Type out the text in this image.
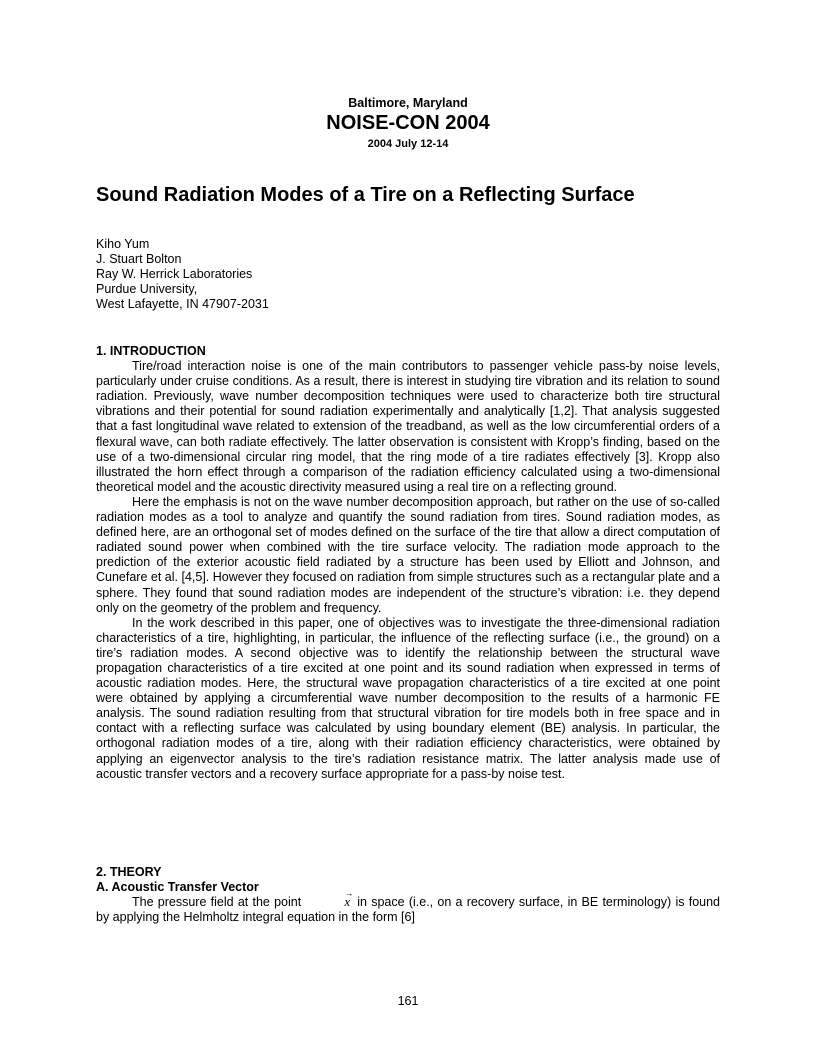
Baltimore, Maryland
NOISE-CON 2004
2004 July 12-14
Sound Radiation Modes of a Tire on a Reflecting Surface
Kiho Yum
J. Stuart Bolton
Ray W. Herrick Laboratories
Purdue University,
West Lafayette, IN 47907-2031
1. INTRODUCTION

Tire/road interaction noise is one of the main contributors to passenger vehicle pass-by noise levels, particularly under cruise conditions. As a result, there is interest in studying tire vibration and its relation to sound radiation. Previously, wave number decomposition techniques were used to characterize both tire structural vibrations and their potential for sound radiation experimentally and analytically [1,2]. That analysis suggested that a fast longitudinal wave related to extension of the treadband, as well as the low circumferential orders of a flexural wave, can both radiate effectively. The latter observation is consistent with Kropp’s finding, based on the use of a two-dimensional circular ring model, that the ring mode of a tire radiates effectively [3]. Kropp also illustrated the horn effect through a comparison of the radiation efficiency calculated using a two-dimensional theoretical model and the acoustic directivity measured using a real tire on a reflecting ground.

Here the emphasis is not on the wave number decomposition approach, but rather on the use of so-called radiation modes as a tool to analyze and quantify the sound radiation from tires. Sound radiation modes, as defined here, are an orthogonal set of modes defined on the surface of the tire that allow a direct computation of radiated sound power when combined with the tire surface velocity. The radiation mode approach to the prediction of the exterior acoustic field radiated by a structure has been used by Elliott and Johnson, and Cunefare et al. [4,5]. However they focused on radiation from simple structures such as a rectangular plate and a sphere. They found that sound radiation modes are independent of the structure’s vibration: i.e. they depend only on the geometry of the problem and frequency.

In the work described in this paper, one of objectives was to investigate the three-dimensional radiation characteristics of a tire, highlighting, in particular, the influence of the reflecting surface (i.e., the ground) on a tire’s radiation modes. A second objective was to identify the relationship between the structural wave propagation characteristics of a tire excited at one point and its sound radiation when expressed in terms of acoustic radiation modes. Here, the structural wave propagation characteristics of a tire excited at one point were obtained by applying a circumferential wave number decomposition to the results of a harmonic FE analysis. The sound radiation resulting from that structural vibration for tire models both in free space and in contact with a reflecting surface was calculated by using boundary element (BE) analysis. In particular, the orthogonal radiation modes of a tire, along with their radiation efficiency characteristics, were obtained by applying an eigenvector analysis to the tire’s radiation resistance matrix. The latter analysis made use of acoustic transfer vectors and a recovery surface appropriate for a pass-by noise test.

2. THEORY
A. Acoustic Transfer Vector

The pressure field at the point →	x in space (i.e., on a recovery surface, in BE terminology) is found by applying the Helmholtz integral equation in the form [6]

161
